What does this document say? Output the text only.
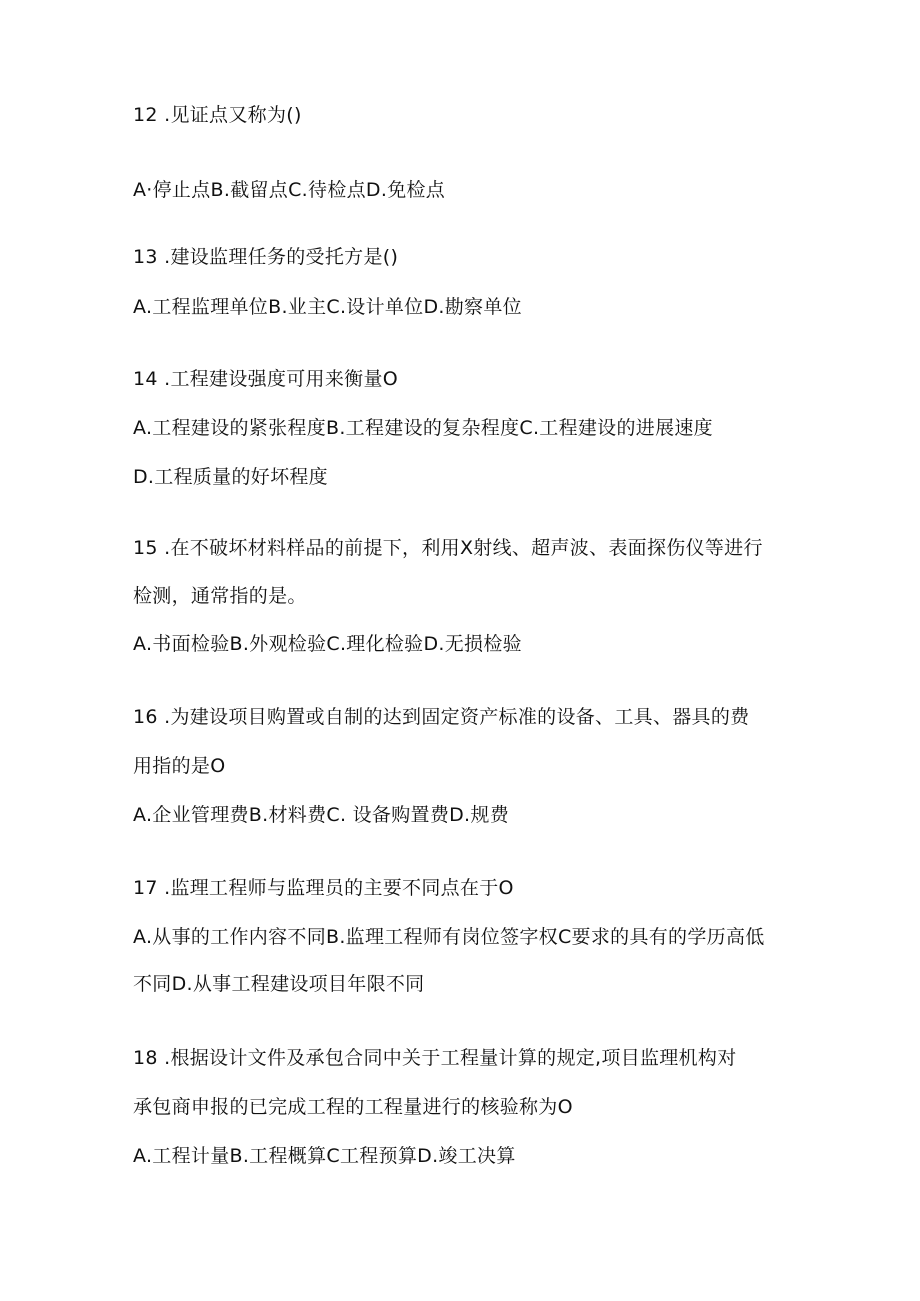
12 .见证点又称为()
A·停止点B.截留点C.待检点D.免检点
13 .建设监理任务的受托方是()
A.工程监理单位B.业主C.设计单位D.勘察单位
14 .工程建设强度可用来衡量O
A.工程建设的紧张程度B.工程建设的复杂程度C.工程建设的进展速度
D.工程质量的好坏程度
15 .在不破坏材料样品的前提下，利用X射线、超声波、表面探伤仪等进行
检测，通常指的是。
A.书面检验B.外观检验C.理化检验D.无损检验
16 .为建设项目购置或自制的达到固定资产标准的设备、工具、器具的费
用指的是O
A.企业管理费B.材料费C. 设备购置费D.规费
17 .监理工程师与监理员的主要不同点在于O
A.从事的工作内容不同B.监理工程师有岗位签字权C要求的具有的学历高低
不同D.从事工程建设项目年限不同
18 .根据设计文件及承包合同中关于工程量计算的规定,项目监理机构对
承包商申报的已完成工程的工程量进行的核验称为O
A.工程计量B.工程概算C工程预算D.竣工决算
